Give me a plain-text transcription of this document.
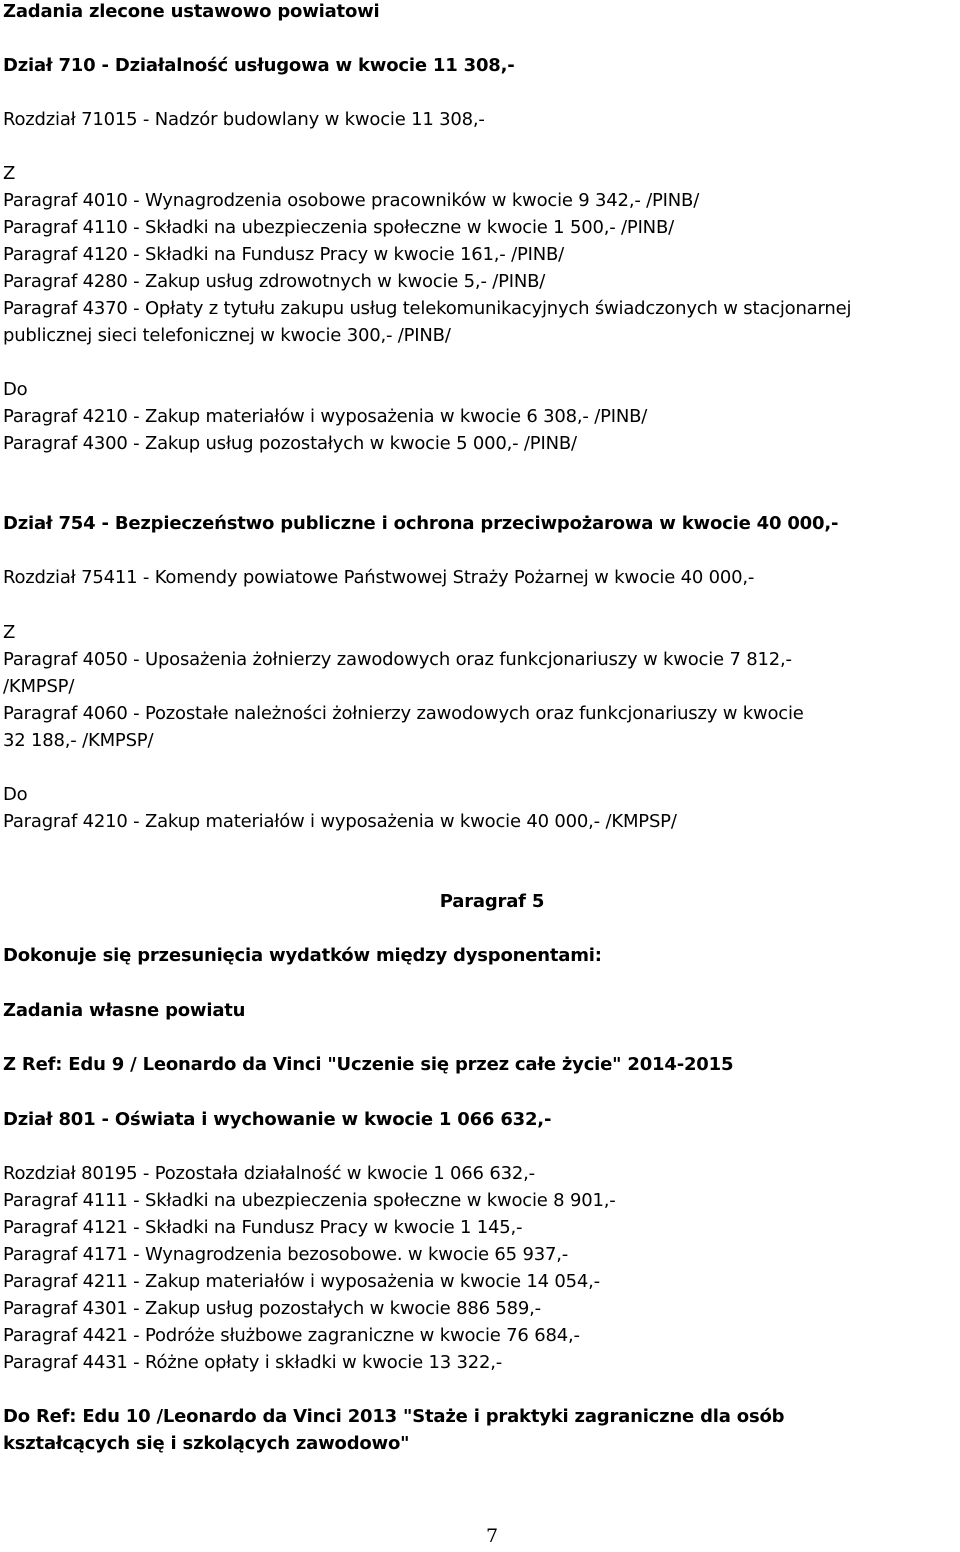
Zadania zlecone ustawowo powiatowi

Dział 710 - Działalność usługowa w kwocie 11 308,-

Rozdział 71015 - Nadzór budowlany w kwocie 11 308,-

Z

Paragraf 4010 - Wynagrodzenia osobowe pracowników w kwocie 9 342,- /PINB/

Paragraf 4110 - Składki na ubezpieczenia społeczne w kwocie 1 500,- /PINB/

Paragraf 4120 - Składki na Fundusz Pracy w kwocie 161,- /PINB/

Paragraf 4280 - Zakup usług zdrowotnych w kwocie 5,- /PINB/

Paragraf 4370 - Opłaty z tytułu zakupu usług telekomunikacyjnych świadczonych w stacjonarnej

publicznej sieci telefonicznej w kwocie 300,- /PINB/

Do

Paragraf 4210 - Zakup materiałów i wyposażenia w kwocie 6 308,- /PINB/

Paragraf 4300 - Zakup usług pozostałych w kwocie 5 000,- /PINB/

Dział 754 - Bezpieczeństwo publiczne i ochrona przeciwpożarowa w kwocie 40 000,-

Rozdział 75411 - Komendy powiatowe Państwowej Straży Pożarnej w kwocie 40 000,-

Z

Paragraf 4050 - Uposażenia żołnierzy zawodowych oraz funkcjonariuszy w kwocie 7 812,-

/KMPSP/

Paragraf 4060 - Pozostałe należności żołnierzy zawodowych oraz funkcjonariuszy w kwocie

32 188,- /KMPSP/

Do

Paragraf 4210 - Zakup materiałów i wyposażenia w kwocie 40 000,- /KMPSP/

Paragraf 5

Dokonuje się przesunięcia wydatków między dysponentami:

Zadania własne powiatu

Z Ref: Edu 9 / Leonardo da Vinci "Uczenie się przez całe życie" 2014-2015

Dział 801 - Oświata i wychowanie w kwocie 1 066 632,-

Rozdział 80195 - Pozostała działalność w kwocie 1 066 632,-

Paragraf 4111 - Składki na ubezpieczenia społeczne w kwocie 8 901,-

Paragraf 4121 - Składki na Fundusz Pracy w kwocie 1 145,-

Paragraf 4171 - Wynagrodzenia bezosobowe. w kwocie 65 937,-

Paragraf 4211 - Zakup materiałów i wyposażenia w kwocie 14 054,-

Paragraf 4301 - Zakup usług pozostałych w kwocie 886 589,-

Paragraf 4421 - Podróże służbowe zagraniczne w kwocie 76 684,-

Paragraf 4431 - Różne opłaty i składki w kwocie 13 322,-

Do Ref: Edu 10 /Leonardo da Vinci 2013 "Staże i praktyki zagraniczne dla osób

kształcących się i szkolących zawodowo"

7
